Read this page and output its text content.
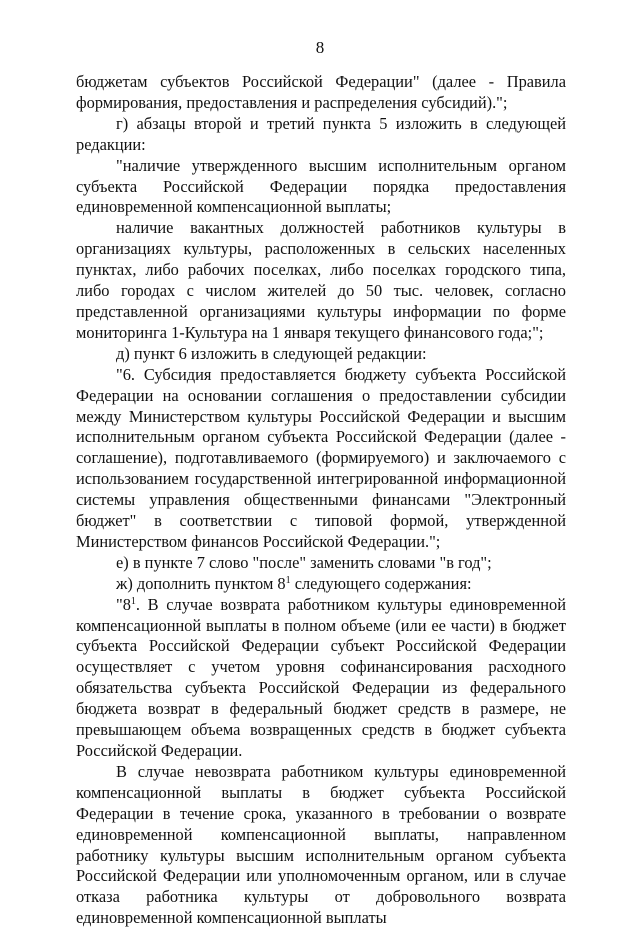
8

бюджетам субъектов Российской Федерации" (далее - Правила формирования, предоставления и распределения субсидий).";

г) абзацы второй и третий пункта 5 изложить в следующей редакции:

"наличие утвержденного высшим исполнительным органом субъекта Российской Федерации порядка предоставления единовременной компенсационной выплаты;

наличие вакантных должностей работников культуры в организациях культуры, расположенных в сельских населенных пунктах, либо рабочих поселках, либо поселках городского типа, либо городах с числом жителей до 50 тыс. человек, согласно представленной организациями культуры информации по форме мониторинга 1-Культура на 1 января текущего финансового года;";

д) пункт 6 изложить в следующей редакции:

"6. Субсидия предоставляется бюджету субъекта Российской Федерации на основании соглашения о предоставлении субсидии между Министерством культуры Российской Федерации и высшим исполнительным органом субъекта Российской Федерации (далее - соглашение), подготавливаемого (формируемого) и заключаемого с использованием государственной интегрированной информационной системы управления общественными финансами "Электронный бюджет" в соответствии с типовой формой, утвержденной Министерством финансов Российской Федерации.";

е) в пункте 7 слово "после" заменить словами "в год";

ж) дополнить пунктом $8^1$ следующего содержания:

"$8^1$. В случае возврата работником культуры единовременной компенсационной выплаты в полном объеме (или ее части) в бюджет субъекта Российской Федерации субъект Российской Федерации осуществляет с учетом уровня софинансирования расходного обязательства субъекта Российской Федерации из федерального бюджета возврат в федеральный бюджет средств в размере, не превышающем объема возвращенных средств в бюджет субъекта Российской Федерации.

В случае невозврата работником культуры единовременной компенсационной выплаты в бюджет субъекта Российской Федерации в течение срока, указанного в требовании о возврате единовременной компенсационной выплаты, направленном работнику культуры высшим исполнительным органом субъекта Российской Федерации или уполномоченным органом, или в случае отказа работника культуры от добровольного возврата единовременной компенсационной выплаты
